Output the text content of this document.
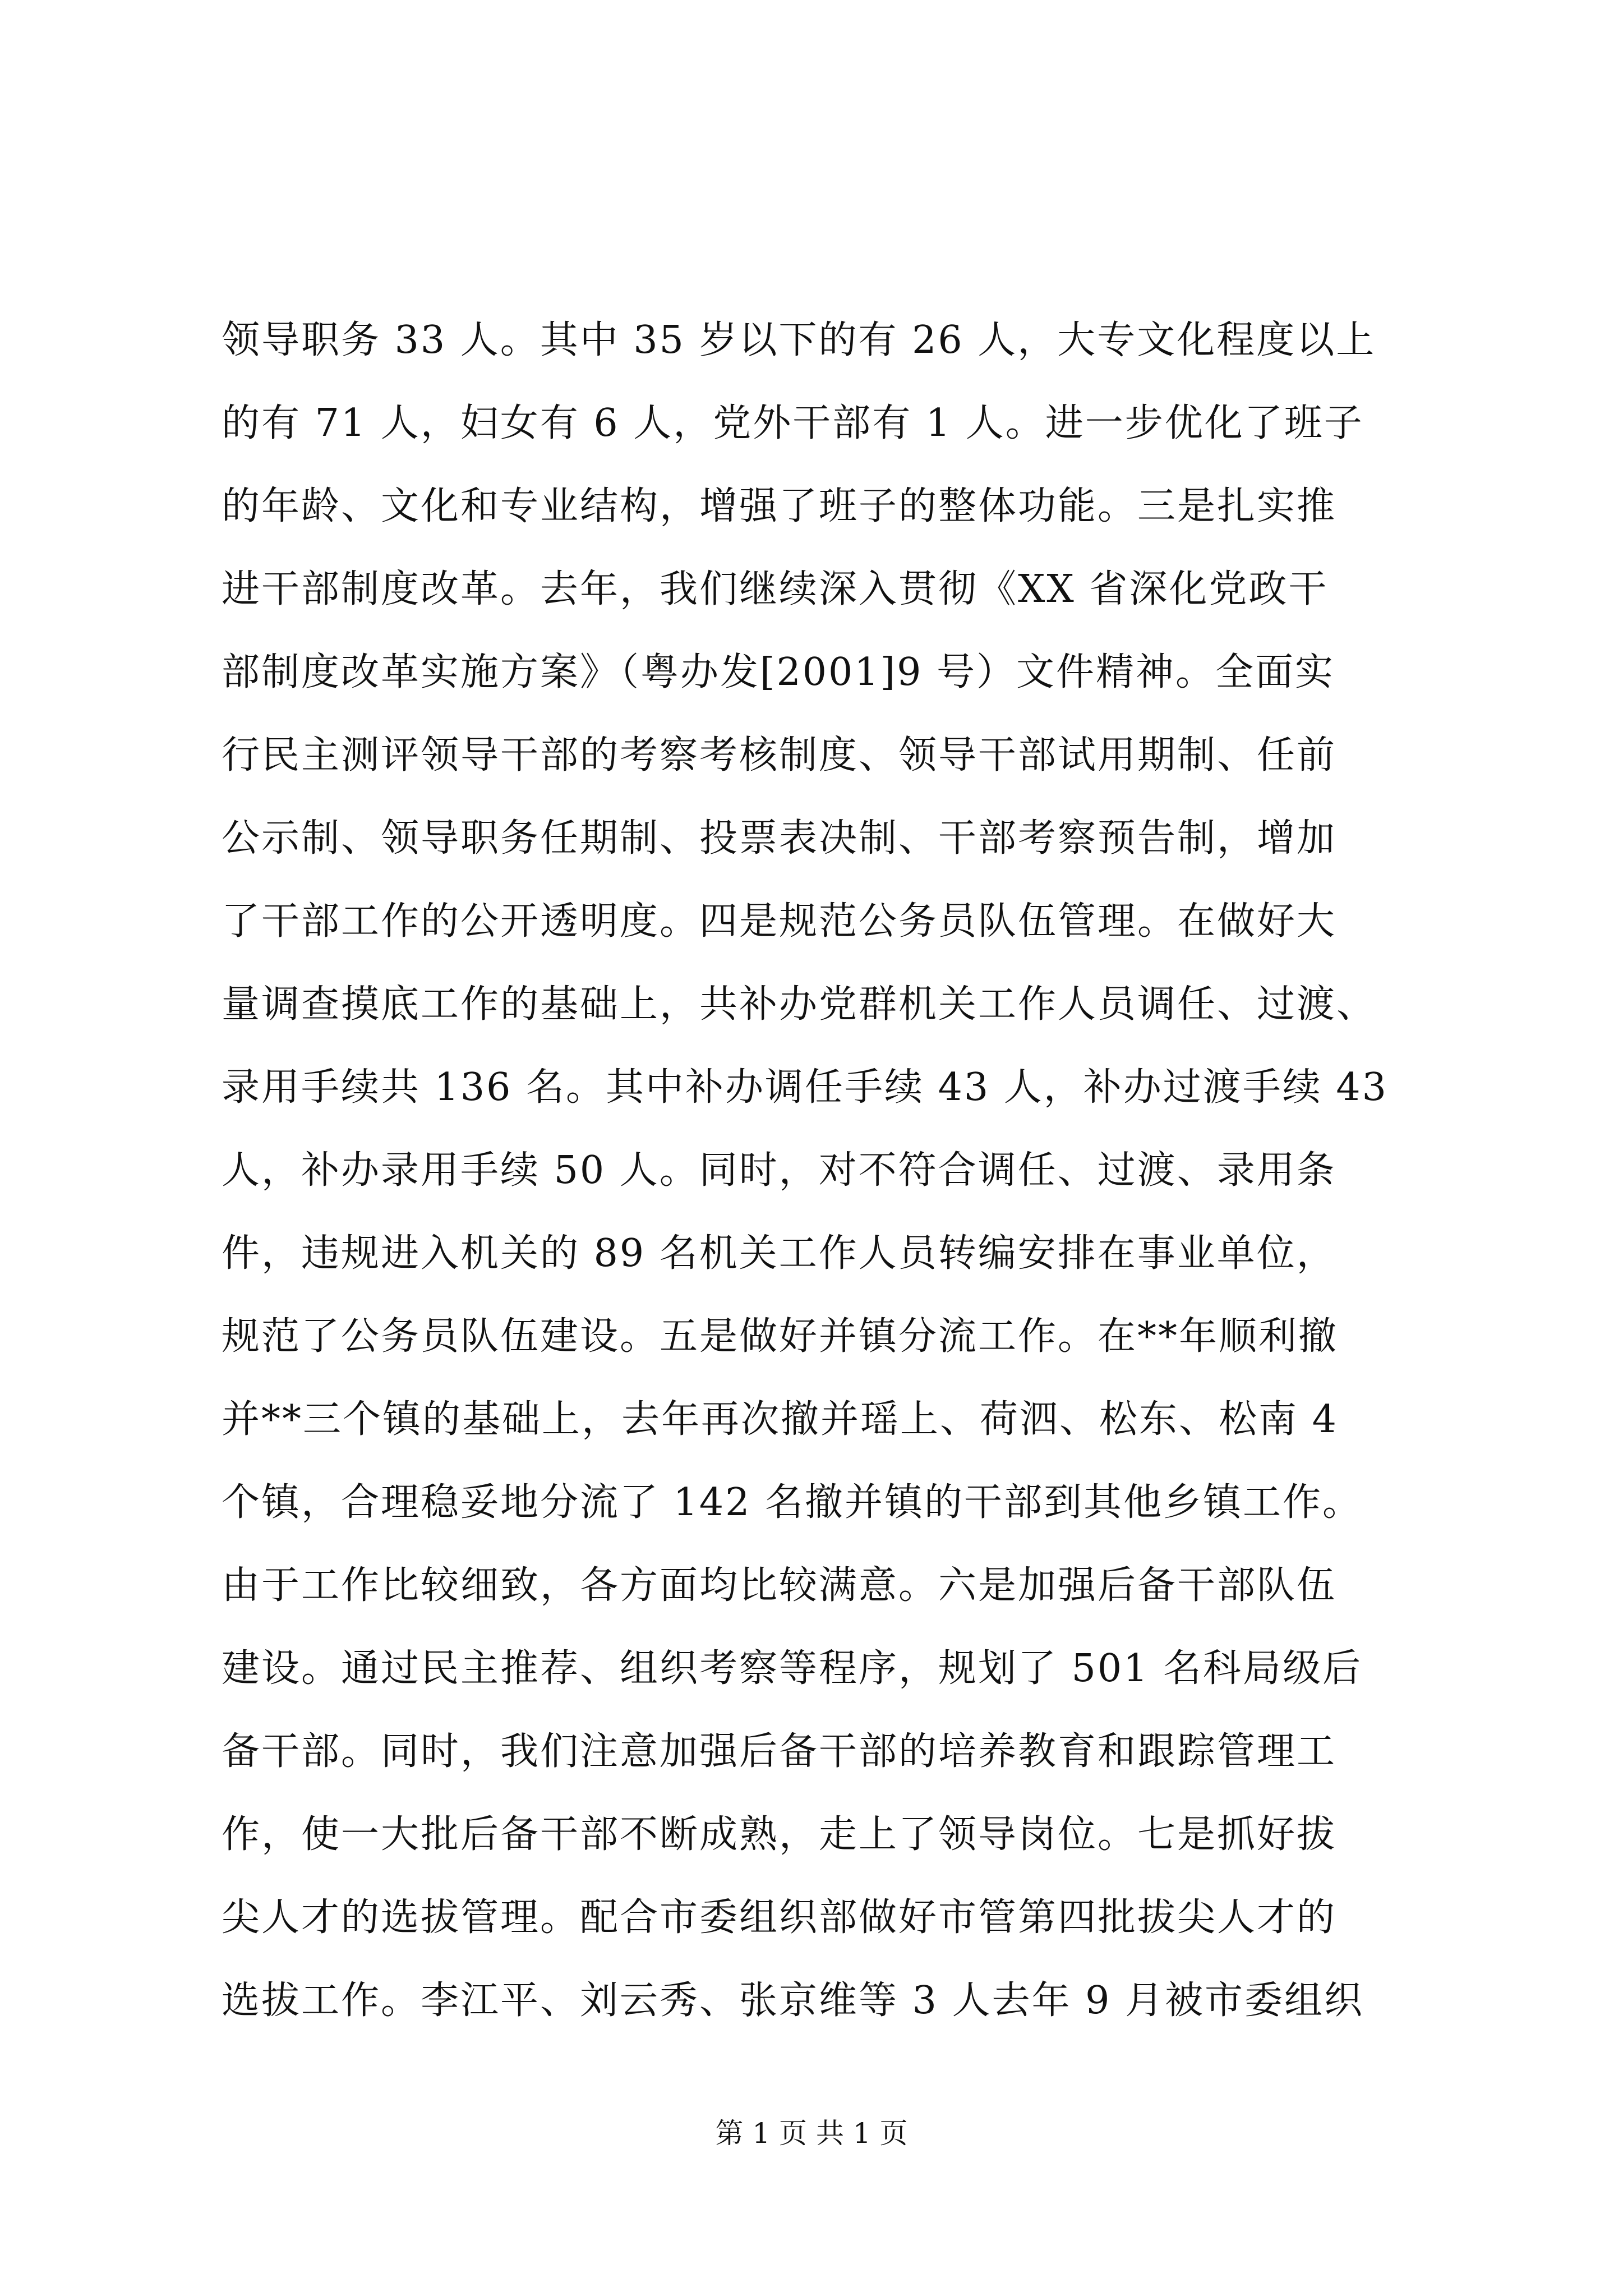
领导职务 33 人。其中 35 岁以下的有 26 人，大专文化程度以上
的有 71 人，妇女有 6 人，党外干部有 1 人。进一步优化了班子
的年龄、文化和专业结构，增强了班子的整体功能。三是扎实推
进干部制度改革。去年，我们继续深入贯彻《XX 省深化党政干
部制度改革实施方案》（粤办发[2001]9 号）文件精神。全面实
行民主测评领导干部的考察考核制度、领导干部试用期制、任前
公示制、领导职务任期制、投票表决制、干部考察预告制，增加
了干部工作的公开透明度。四是规范公务员队伍管理。在做好大
量调查摸底工作的基础上，共补办党群机关工作人员调任、过渡、
录用手续共 136 名。其中补办调任手续 43 人，补办过渡手续 43
人，补办录用手续 50 人。同时，对不符合调任、过渡、录用条
件，违规进入机关的 89 名机关工作人员转编安排在事业单位，
规范了公务员队伍建设。五是做好并镇分流工作。在**年顺利撤
并**三个镇的基础上，去年再次撤并瑶上、荷泗、松东、松南 4
个镇，合理稳妥地分流了 142 名撤并镇的干部到其他乡镇工作。
由于工作比较细致，各方面均比较满意。六是加强后备干部队伍
建设。通过民主推荐、组织考察等程序，规划了 501 名科局级后
备干部。同时，我们注意加强后备干部的培养教育和跟踪管理工
作，使一大批后备干部不断成熟，走上了领导岗位。七是抓好拔
尖人才的选拔管理。配合市委组织部做好市管第四批拔尖人才的
选拔工作。李江平、刘云秀、张京维等 3 人去年 9 月被市委组织
第 1 页 共 1 页
